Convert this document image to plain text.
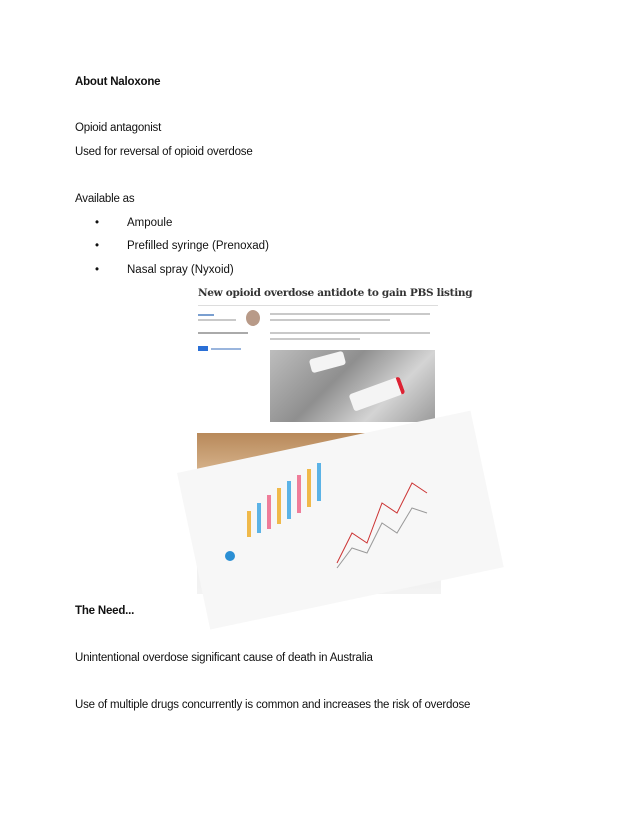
About Naloxone
Opioid antagonist
Used for reversal of opioid overdose
Available as
• Ampoule
• Prefilled syringe (Prenoxad)
• Nasal spray (Nyxoid)
New opioid overdose antidote to gain PBS listing
The Need...
Unintentional overdose significant cause of death in Australia
Use of multiple drugs concurrently is common and increases the risk of overdose
